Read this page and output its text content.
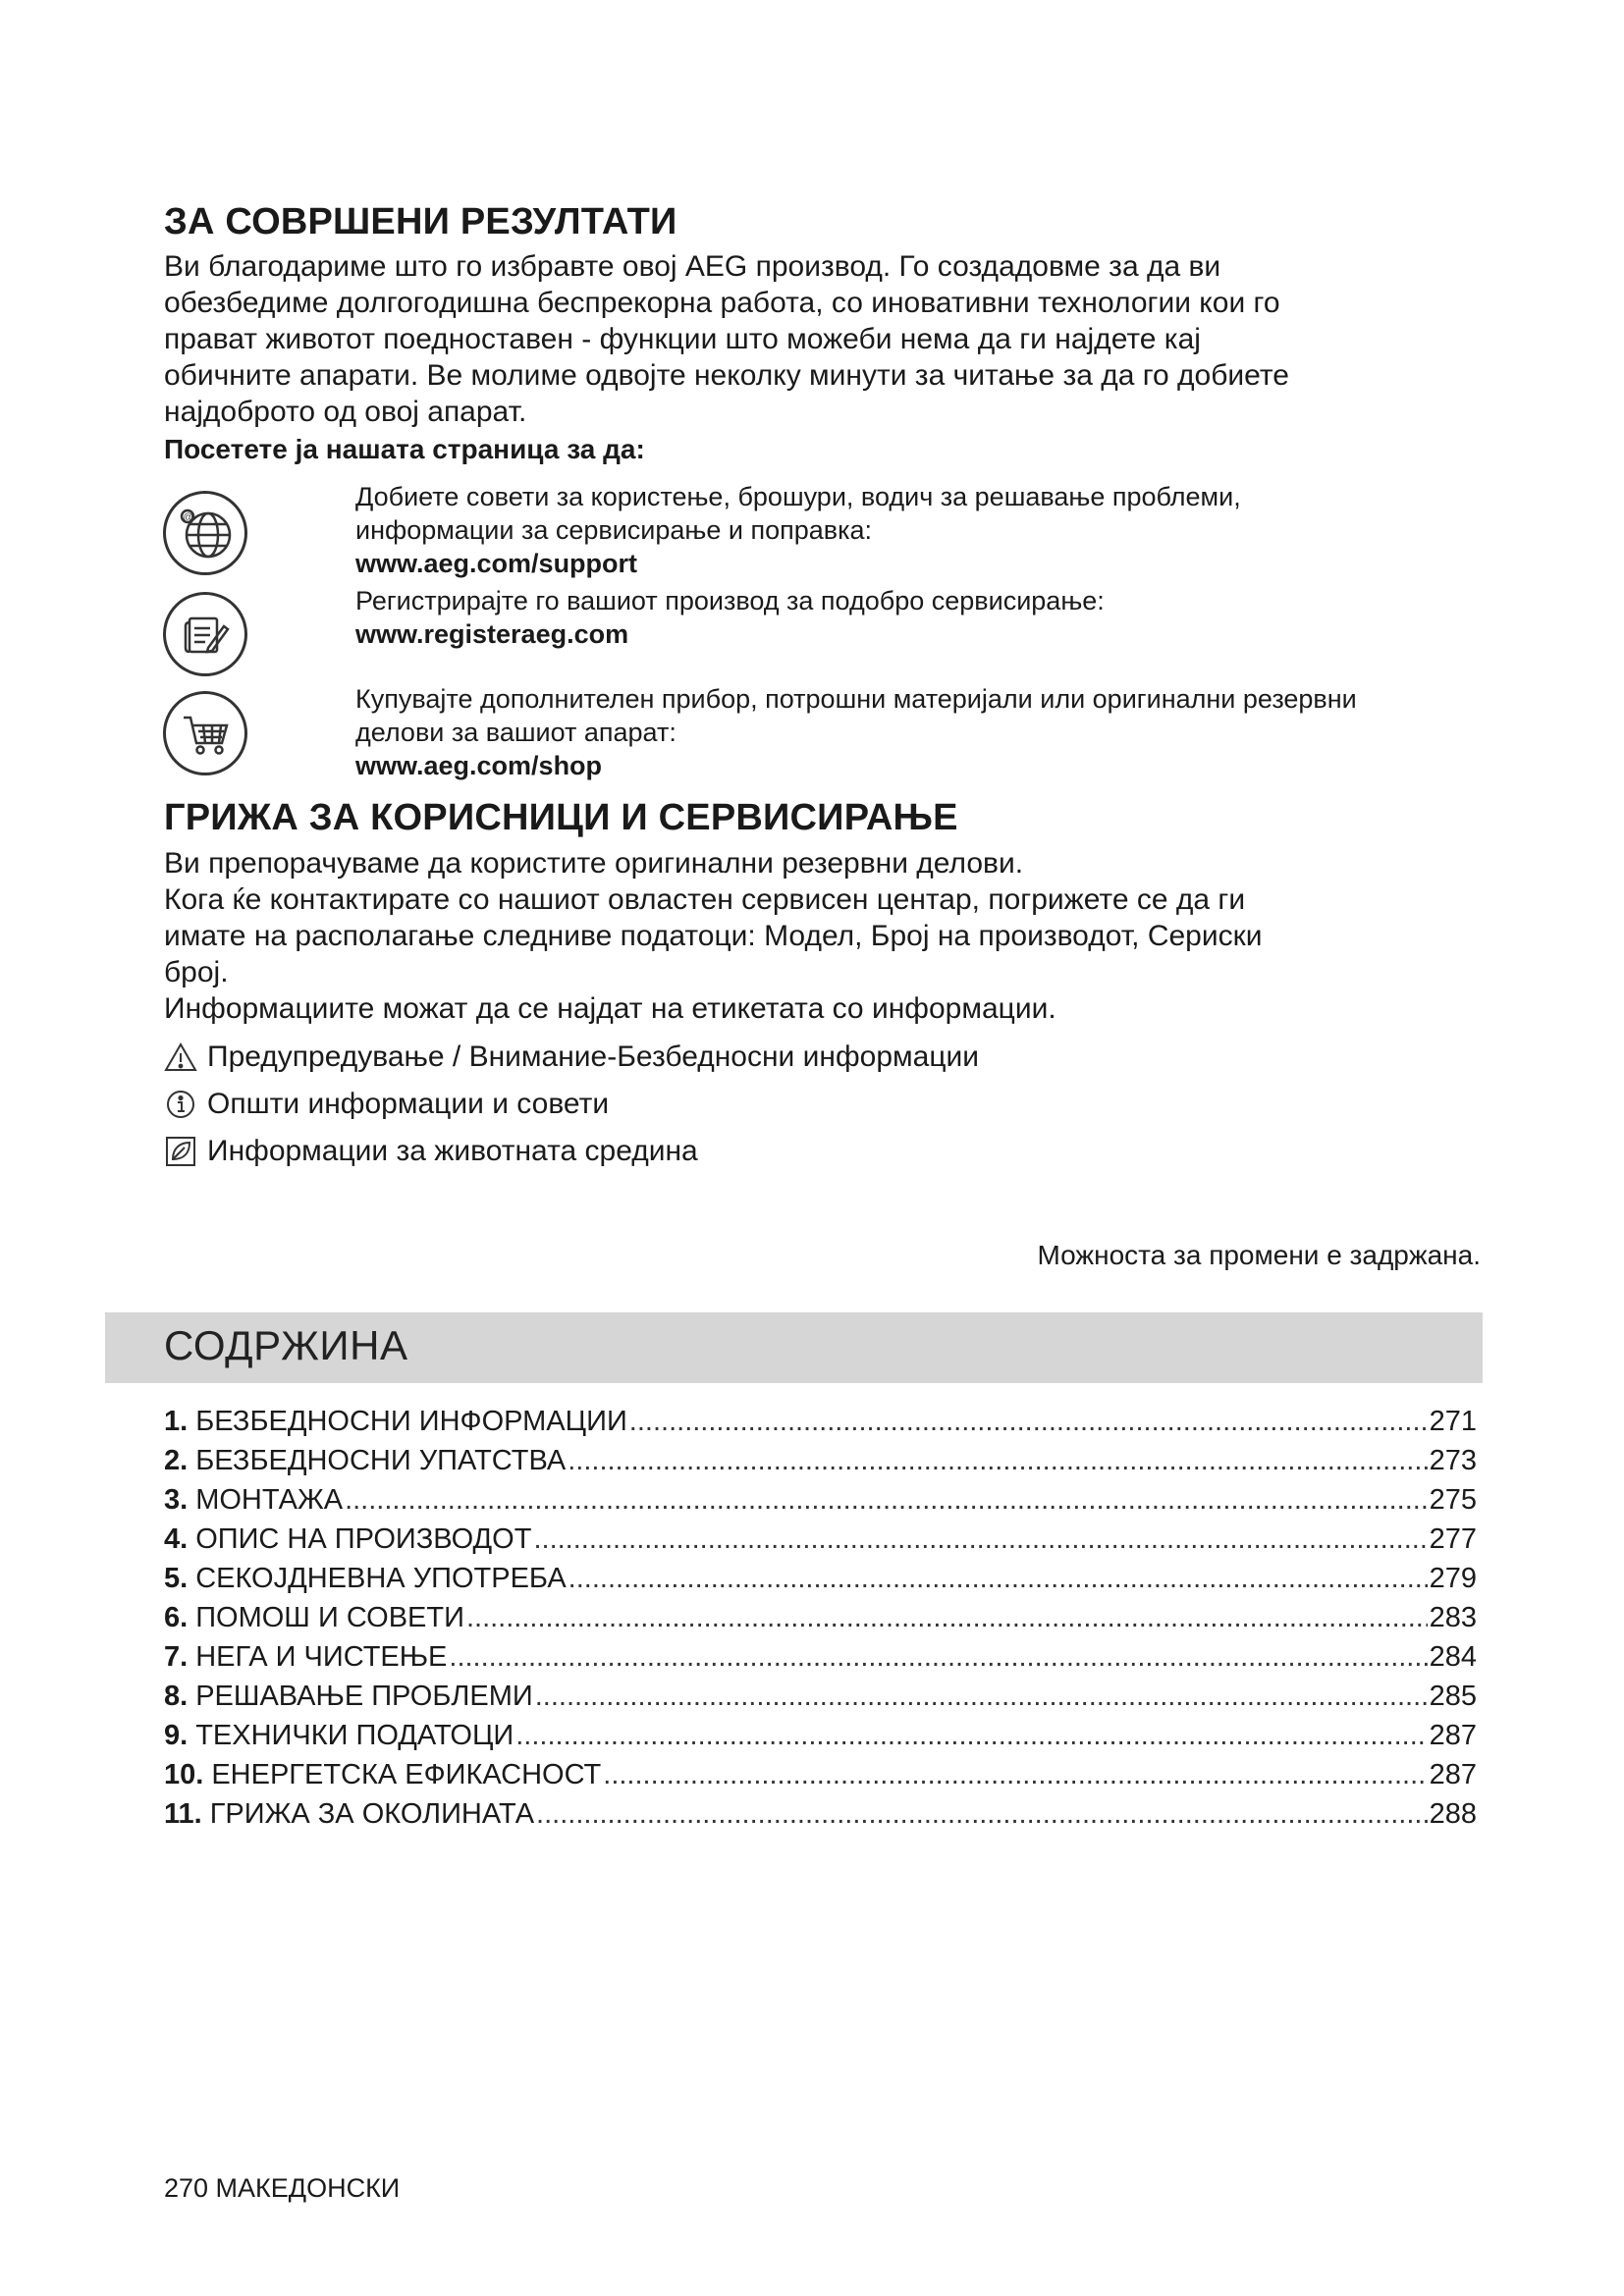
ЗА СОВРШЕНИ РЕЗУЛТАТИ
Ви благодариме што го избравте овој AEG производ. Го создадовме за да ви
обезбедиме долгогодишна беспрекорна работа, со иновативни технологии кои го
прават животот поедноставен - функции што можеби нема да ги најдете кај
обичните апарати. Ве молиме одвојте неколку минути за читање за да го добиете
најдоброто од овој апарат.
Посетете ја нашата страница за да:
@
Добиете совети за користење, брошури, водич за решавање проблеми,
информации за сервисирање и поправка:
www.aeg.com/support
Регистрирајте го вашиот производ за подобро сервисирање:
www.registeraeg.com
Купувајте дополнителен прибор, потрошни материјали или оригинални резервни
делови за вашиот апарат:
www.aeg.com/shop
ГРИЖА ЗА КОРИСНИЦИ И СЕРВИСИРАЊЕ
Ви препорачуваме да користите оригинални резервни делови.
Кога ќе контактирате со нашиот овластен сервисен центар, погрижете се да ги
имате на располагање следниве податоци: Модел, Број на производот, Сериски
број.
Информациите можат да се најдат на етикетата со информации.
Предупредување / Внимание-Безбедносни информации
Општи информации и совети
Информации за животната средина
Можноста за промени е задржана.
СОДРЖИНА
1. БЕЗБЕДНОСНИ ИНФОРМАЦИИ .....	271
2. БЕЗБЕДНОСНИ УПАТСТВА .....	273
3. МОНТАЖА .....	275
4. ОПИС НА ПРОИЗВОДОТ .....	277
5. СЕКОЈДНЕВНА УПОТРЕБА .....	279
6. ПОМОШ И СОВЕТИ .....	283
7. НЕГА И ЧИСТЕЊЕ .....	284
8. РЕШАВАЊЕ ПРОБЛЕМИ .....	285
9. ТЕХНИЧКИ ПОДАТОЦИ .....	287
10. ЕНЕРГЕТСКА ЕФИКАСНОСТ .....	287
11. ГРИЖА ЗА ОКОЛИНАТА .....	288
270 МАКЕДОНСКИ
